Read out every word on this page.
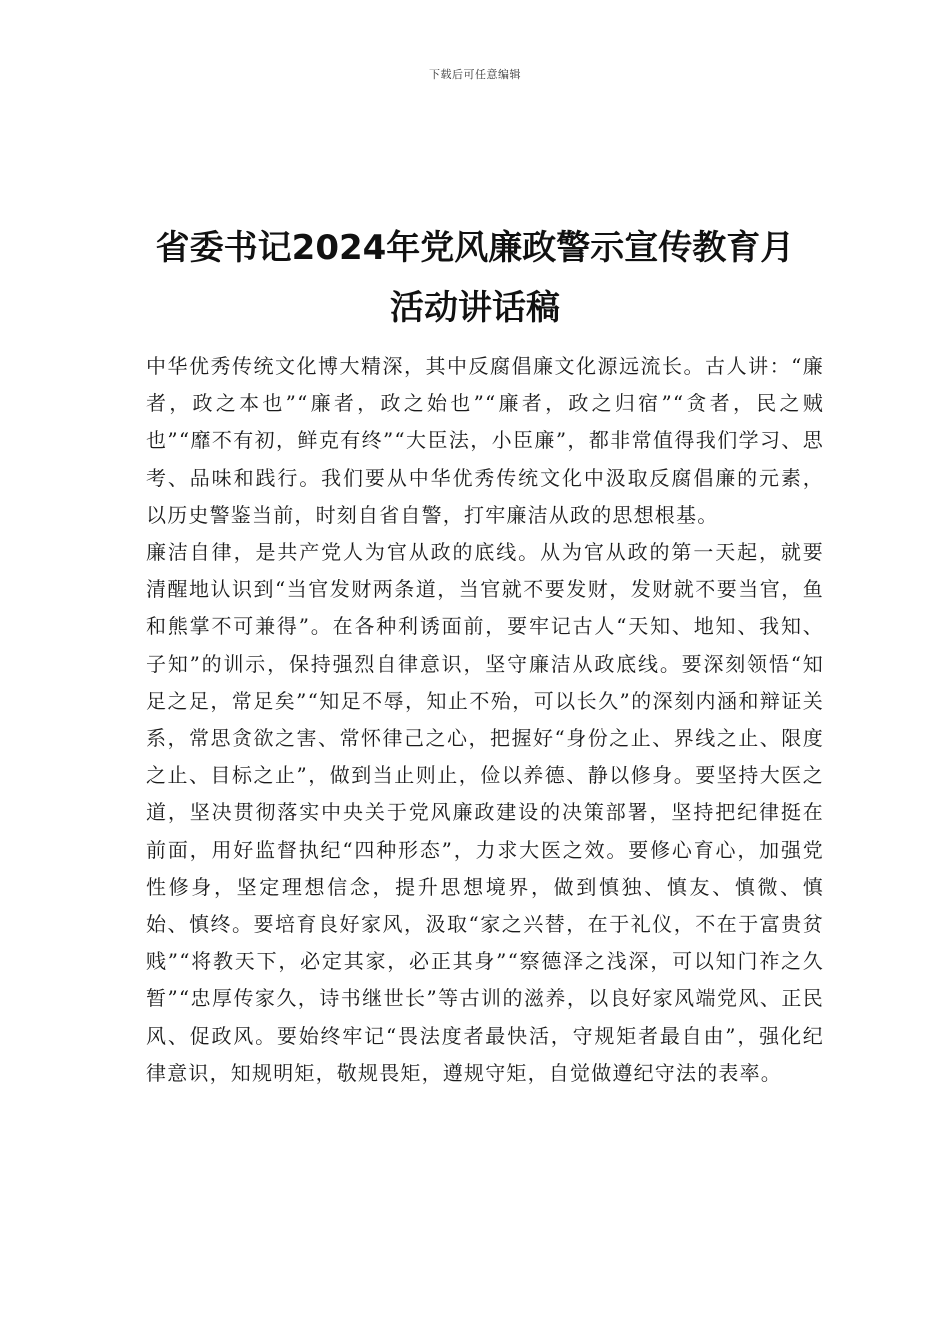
下载后可任意编辑
省委书记2024年党风廉政警示宣传教育月
活动讲话稿

中华优秀传统文化博大精深，其中反腐倡廉文化源远流长。古人讲：“廉者，政之本也”“廉者，政之始也”“廉者，政之归宿”“贪者，民之贼也”“靡不有初，鲜克有终”“大臣法，小臣廉”，都非常值得我们学习、思考、品味和践行。我们要从中华优秀传统文化中汲取反腐倡廉的元素，以历史警鉴当前，时刻自省自警，打牢廉洁从政的思想根基。

廉洁自律，是共产党人为官从政的底线。从为官从政的第一天起，就要清醒地认识到“当官发财两条道，当官就不要发财，发财就不要当官，鱼和熊掌不可兼得”。在各种利诱面前，要牢记古人“天知、地知、我知、子知”的训示，保持强烈自律意识，坚守廉洁从政底线。要深刻领悟“知足之足，常足矣”“知足不辱，知止不殆，可以长久”的深刻内涵和辩证关系，常思贪欲之害、常怀律己之心，把握好“身份之止、界线之止、限度之止、目标之止”，做到当止则止，俭以养德、静以修身。要坚持大医之道，坚决贯彻落实中央关于党风廉政建设的决策部署，坚持把纪律挺在前面，用好监督执纪“四种形态”，力求大医之效。要修心育心，加强党性修身，坚定理想信念，提升思想境界，做到慎独、慎友、慎微、慎始、慎终。要培育良好家风，汲取“家之兴替，在于礼仪，不在于富贵贫贱”“将教天下，必定其家，必正其身”“察德泽之浅深，可以知门祚之久暂”“忠厚传家久，诗书继世长”等古训的滋养，以良好家风端党风、正民风、促政风。要始终牢记“畏法度者最快活，守规矩者最自由”，强化纪律意识，知规明矩，敬规畏矩，遵规守矩，自觉做遵纪守法的表率。
